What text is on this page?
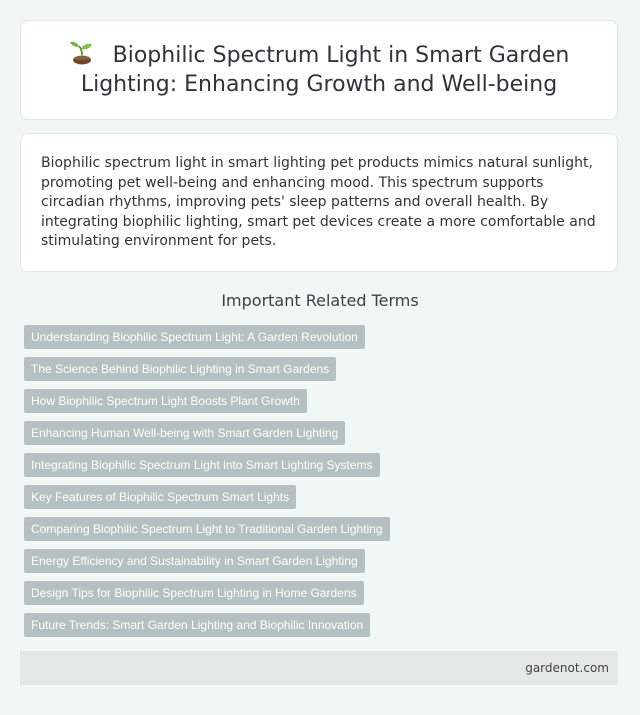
Biophilic Spectrum Light in Smart Garden Lighting: Enhancing Growth and Well-being

Biophilic spectrum light in smart lighting pet products mimics natural sunlight, promoting pet well-being and enhancing mood. This spectrum supports circadian rhythms, improving pets' sleep patterns and overall health. By integrating biophilic lighting, smart pet devices create a more comfortable and stimulating environment for pets.

Important Related Terms
Understanding Biophilic Spectrum Light: A Garden Revolution
The Science Behind Biophilic Lighting in Smart Gardens
How Biophilic Spectrum Light Boosts Plant Growth
Enhancing Human Well-being with Smart Garden Lighting
Integrating Biophilic Spectrum Light into Smart Lighting Systems
Key Features of Biophilic Spectrum Smart Lights
Comparing Biophilic Spectrum Light to Traditional Garden Lighting
Energy Efficiency and Sustainability in Smart Garden Lighting
Design Tips for Biophilic Spectrum Lighting in Home Gardens
Future Trends: Smart Garden Lighting and Biophilic Innovation
gardenot.com
